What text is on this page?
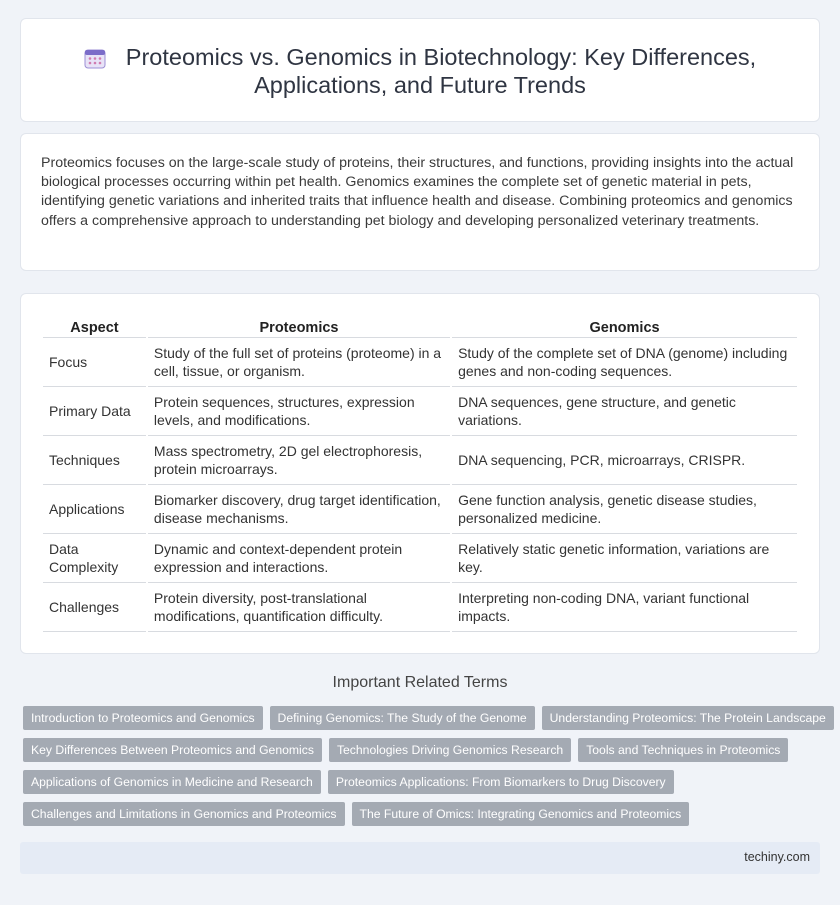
Proteomics vs. Genomics in Biotechnology: Key Differences, Applications, and Future Trends

Proteomics focuses on the large-scale study of proteins, their structures, and functions, providing insights into the actual biological processes occurring within pet health. Genomics examines the complete set of genetic material in pets, identifying genetic variations and inherited traits that influence health and disease. Combining proteomics and genomics offers a comprehensive approach to understanding pet biology and developing personalized veterinary treatments.

Aspect	Proteomics	Genomics
Focus	Study of the full set of proteins (proteome) in a cell, tissue, or organism.	Study of the complete set of DNA (genome) including genes and non-coding sequences.
Primary Data	Protein sequences, structures, expression levels, and modifications.	DNA sequences, gene structure, and genetic variations.
Techniques	Mass spectrometry, 2D gel electrophoresis, protein microarrays.	DNA sequencing, PCR, microarrays, CRISPR.
Applications	Biomarker discovery, drug target identification, disease mechanisms.	Gene function analysis, genetic disease studies, personalized medicine.
Data Complexity	Dynamic and context-dependent protein expression and interactions.	Relatively static genetic information, variations are key.
Challenges	Protein diversity, post-translational modifications, quantification difficulty.	Interpreting non-coding DNA, variant functional impacts.
Important Related Terms
Introduction to Proteomics and Genomics	Defining Genomics: The Study of the Genome	Understanding Proteomics: The Protein Landscape
Key Differences Between Proteomics and Genomics	Technologies Driving Genomics Research	Tools and Techniques in Proteomics
Applications of Genomics in Medicine and Research	Proteomics Applications: From Biomarkers to Drug Discovery
Challenges and Limitations in Genomics and Proteomics	The Future of Omics: Integrating Genomics and Proteomics
techiny.com
